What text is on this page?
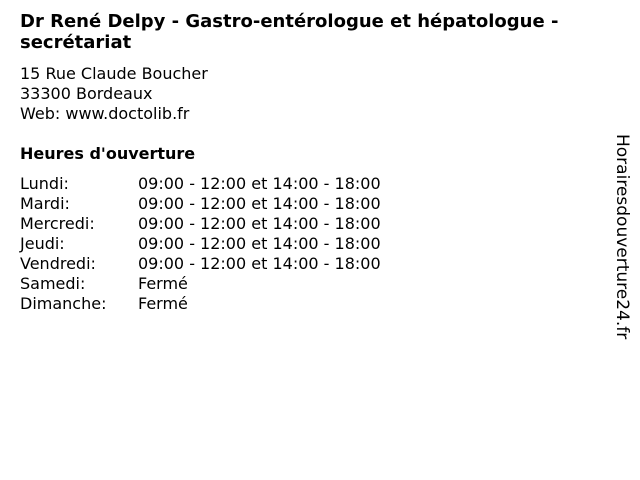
Dr René Delpy - Gastro-entérologue et hépatologue - secrétariat
15 Rue Claude Boucher
33300 Bordeaux
Web: www.doctolib.fr
Heures d'ouverture
Lundi:	09:00 - 12:00 et 14:00 - 18:00
Mardi:	09:00 - 12:00 et 14:00 - 18:00
Mercredi:	09:00 - 12:00 et 14:00 - 18:00
Jeudi:	09:00 - 12:00 et 14:00 - 18:00
Vendredi:	09:00 - 12:00 et 14:00 - 18:00
Samedi:	Fermé
Dimanche:	Fermé	Horairesdouverture24.fr
